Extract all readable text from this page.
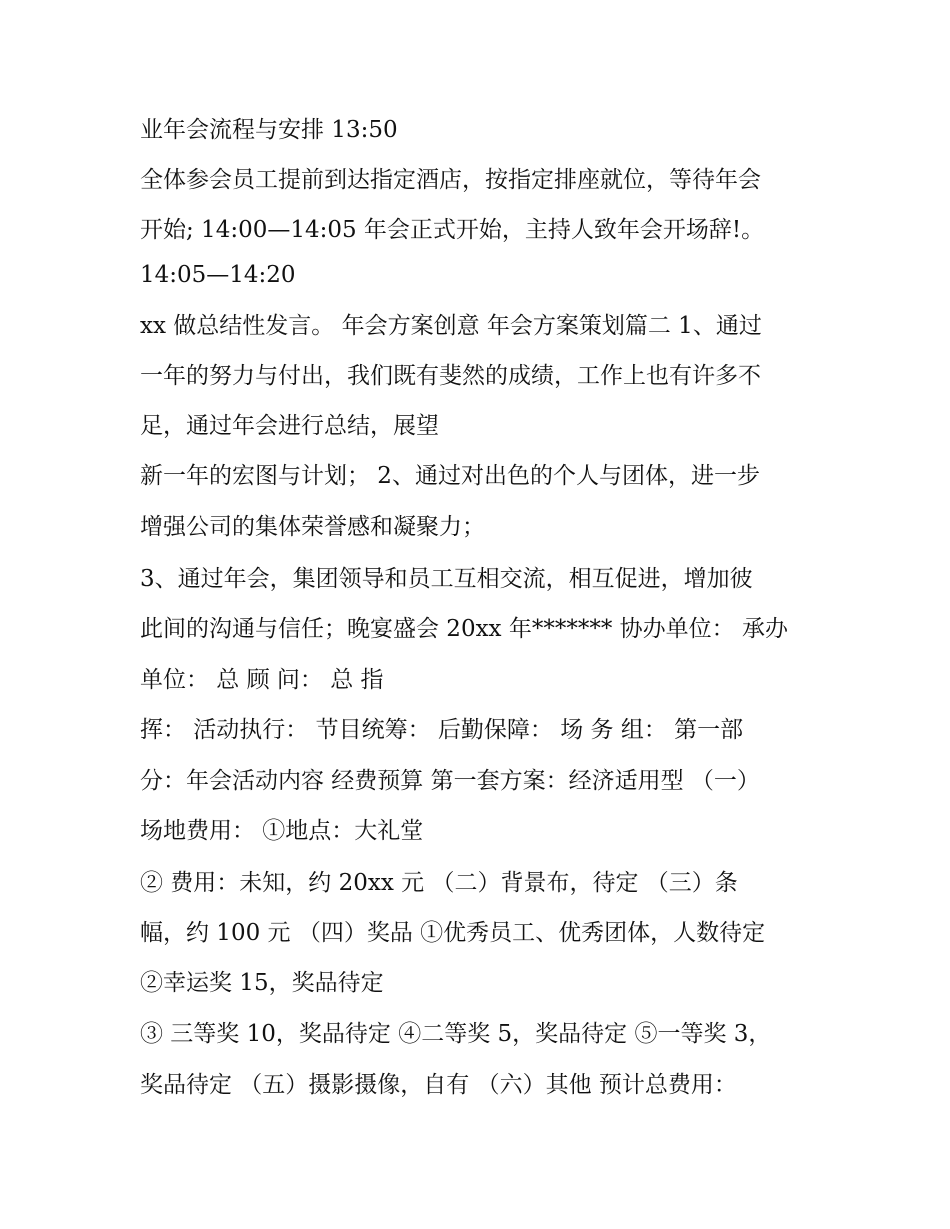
业年会流程与安排 13:50
全体参会员工提前到达指定酒店，按指定排座就位，等待年会
开始; 14:00—14:05 年会正式开始，主持人致年会开场辞!。
14:05—14:20
xx 做总结性发言。 年会方案创意 年会方案策划篇二 1、通过
一年的努力与付出，我们既有斐然的成绩，工作上也有许多不
足，通过年会进行总结，展望
新一年的宏图与计划； 2、通过对出色的个人与团体，进一步
增强公司的集体荣誉感和凝聚力；
3、通过年会，集团领导和员工互相交流，相互促进，增加彼
此间的沟通与信任；晚宴盛会 20xx 年******* 协办单位： 承办
单位： 总 顾 问： 总 指
挥： 活动执行： 节目统筹： 后勤保障： 场 务 组： 第一部
分：年会活动内容 经费预算 第一套方案：经济适用型 （一）
场地费用： ①地点：大礼堂
② 费用：未知，约 20xx 元 （二）背景布，待定 （三）条
幅，约 100 元 （四）奖品 ①优秀员工、优秀团体，人数待定
②幸运奖 15，奖品待定
③ 三等奖 10，奖品待定 ④二等奖 5，奖品待定 ⑤一等奖 3，
奖品待定 （五）摄影摄像，自有 （六）其他 预计总费用：
